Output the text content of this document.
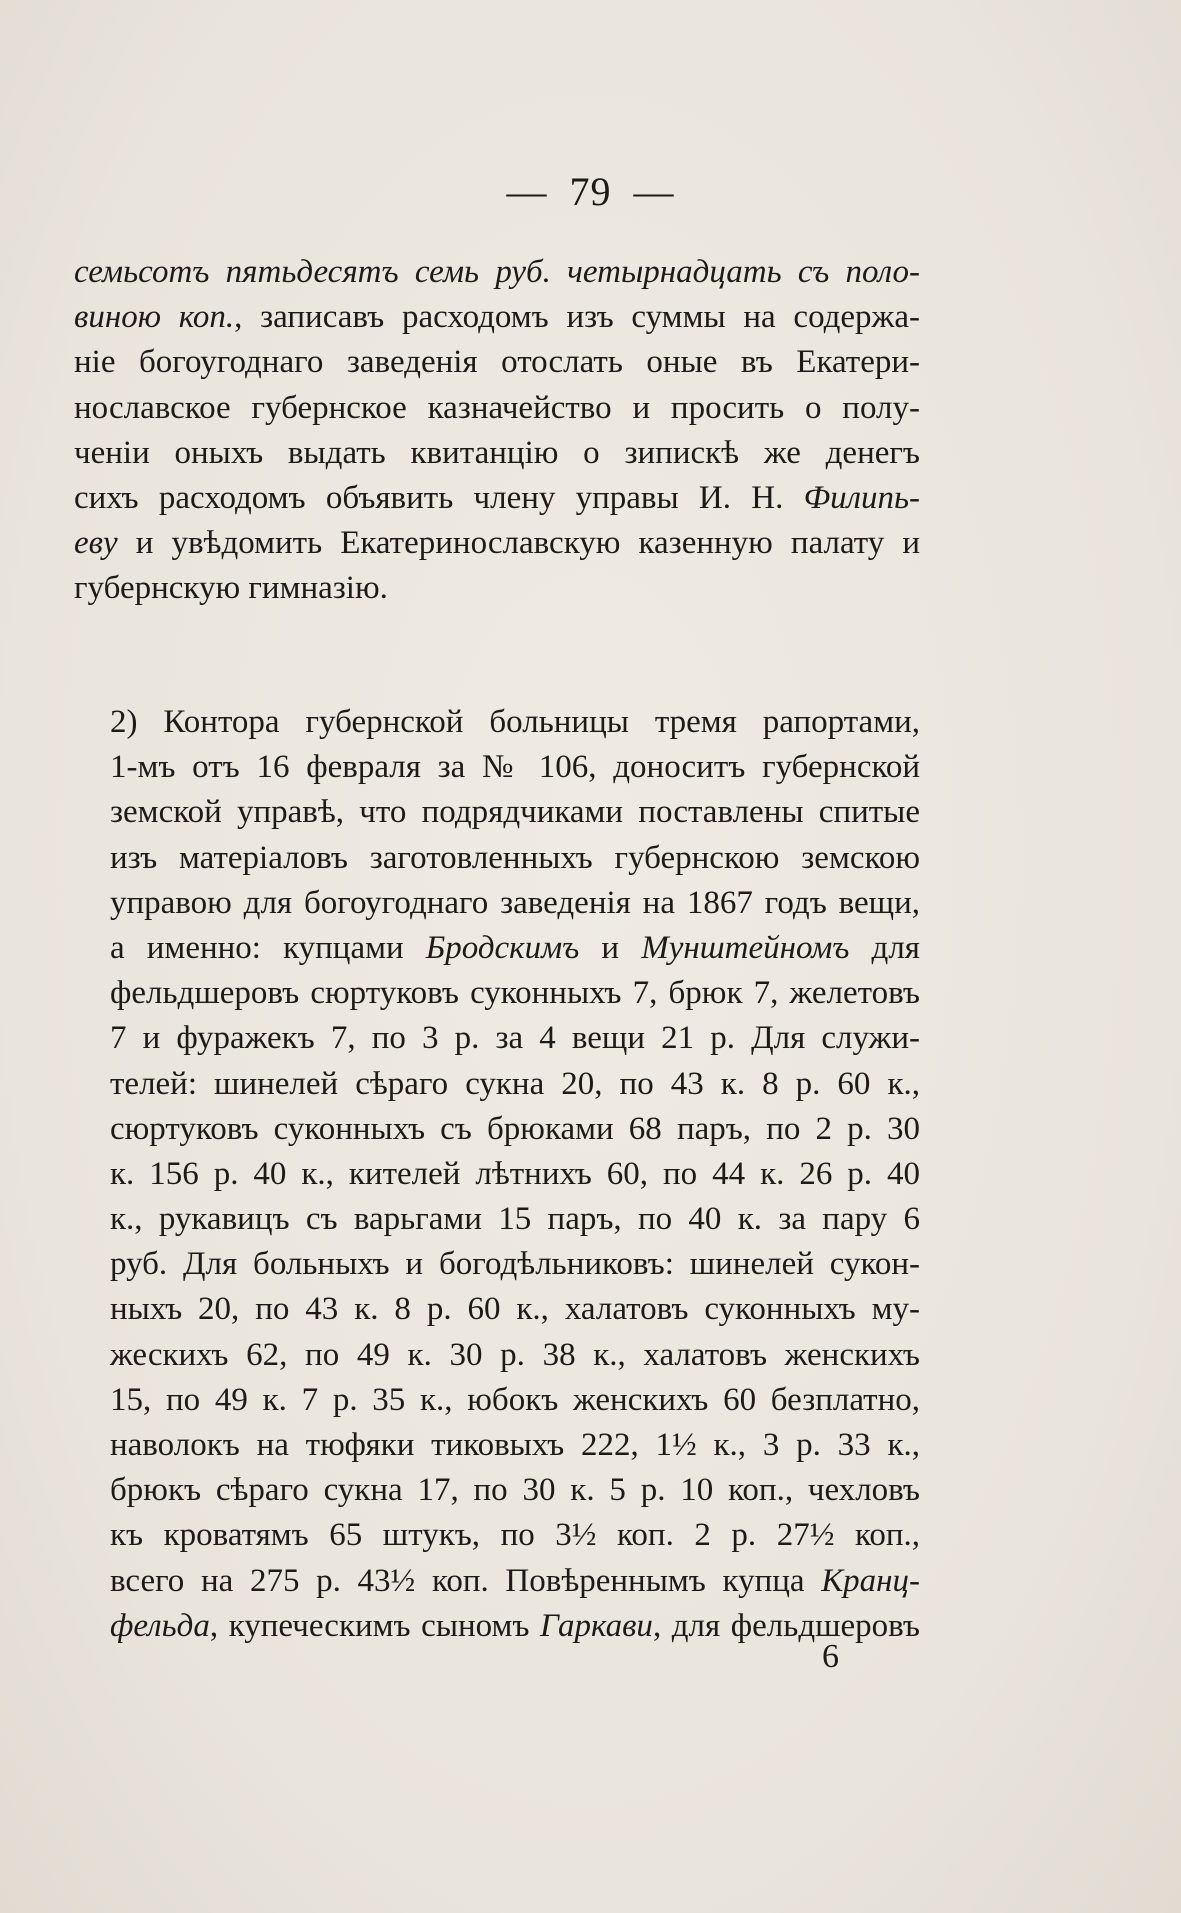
— 79 —
семьсотъ пятьдесятъ семь руб. четырнадцать съ поло-
виною коп., записавъ расходомъ изъ суммы на содержа-
ніе богоугоднаго заведенія отослать оные въ Екатери-
нославское губернское казначейство и просить о полу-
ченіи оныхъ выдать квитанцію о зипискѣ же денегъ
сихъ расходомъ объявить члену управы И. Н. Филипь-
еву и увѣдомить Екатеринославскую казенную палату и
губернскую гимназію.
2) Контора губернской больницы тремя рапортами,
1-мъ отъ 16 февраля за № 106, доноситъ губернской
земской управѣ, что подрядчиками поставлены спитые
изъ матеріаловъ заготовленныхъ губернскою земскою
управою для богоугоднаго заведенія на 1867 годъ вещи,
а именно: купцами Бродскимъ и Мунштейномъ для
фельдшеровъ сюртуковъ суконныхъ 7, брюк 7, желетовъ
7 и фуражекъ 7, по 3 р. за 4 вещи 21 р. Для служи-
телей: шинелей сѣраго сукна 20, по 43 к. 8 р. 60 к.,
сюртуковъ суконныхъ съ брюками 68 паръ, по 2 р. 30
к. 156 р. 40 к., кителей лѣтнихъ 60, по 44 к. 26 р. 40
к., рукавицъ съ варьгами 15 паръ, по 40 к. за пару 6
руб. Для больныхъ и богодѣльниковъ: шинелей сукон-
ныхъ 20, по 43 к. 8 р. 60 к., халатовъ суконныхъ му-
жескихъ 62, по 49 к. 30 р. 38 к., халатовъ женскихъ
15, по 49 к. 7 р. 35 к., юбокъ женскихъ 60 безплатно,
наволокъ на тюфяки тиковыхъ 222, 1½ к., 3 р. 33 к.,
брюкъ сѣраго сукна 17, по 30 к. 5 р. 10 коп., чехловъ
къ кроватямъ 65 штукъ, по 3½ коп. 2 р. 27½ коп.,
всего на 275 р. 43½ коп. Повѣреннымъ купца Кранц-
фельда, купеческимъ сыномъ Гаркави, для фельдшеровъ
6
